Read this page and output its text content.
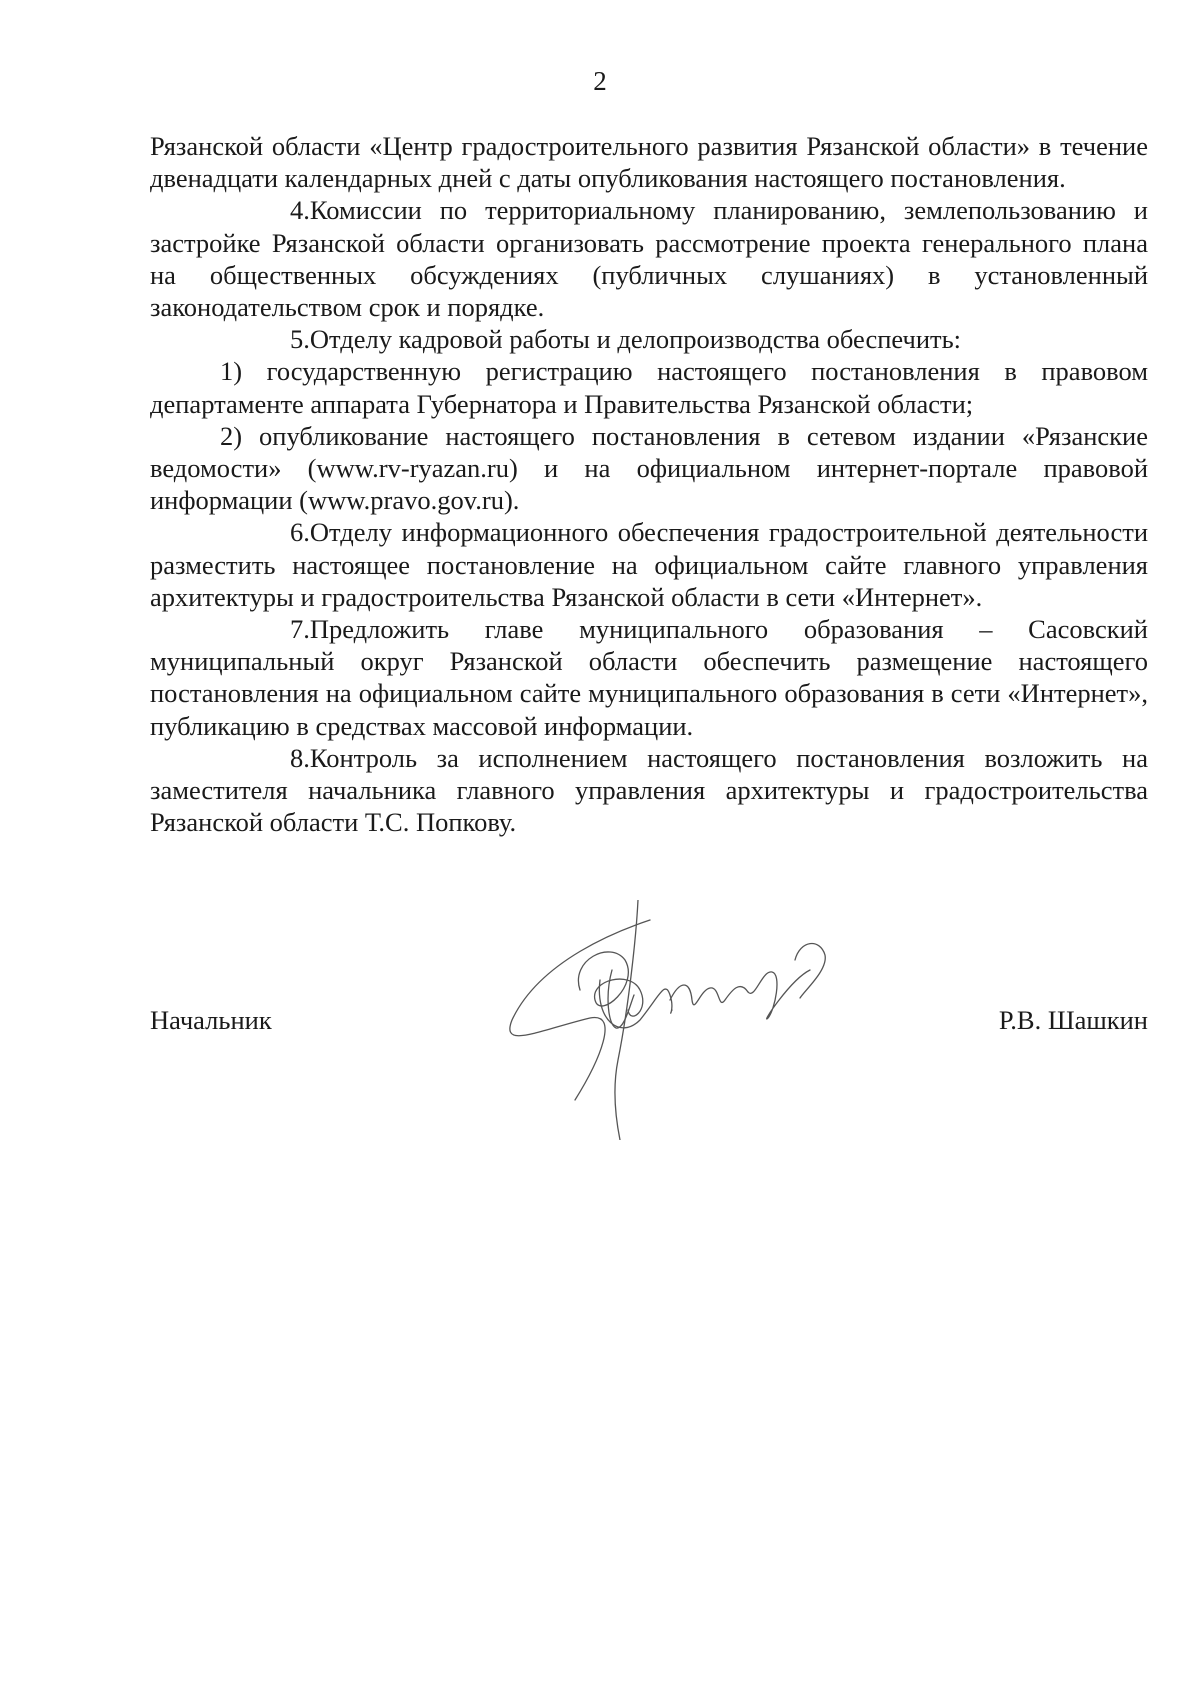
2

Рязанской области «Центр градостроительного развития Рязанской области» в течение двенадцати календарных дней с даты опубликования настоящего постановления.

4.Комиссии по территориальному планированию, землепользованию и застройке Рязанской области организовать рассмотрение проекта генерального плана на общественных обсуждениях (публичных слушаниях) в установленный законодательством срок и порядке.

5.Отделу кадровой работы и делопроизводства обеспечить:

1) государственную регистрацию настоящего постановления в правовом департаменте аппарата Губернатора и Правительства Рязанской области;

2) опубликование настоящего постановления в сетевом издании «Рязанские ведомости» (www.rv-ryazan.ru) и на официальном интернет-портале правовой информации (www.pravo.gov.ru).

6.Отделу информационного обеспечения градостроительной деятельности разместить настоящее постановление на официальном сайте главного управления архитектуры и градостроительства Рязанской области в сети «Интернет».

7.Предложить главе муниципального образования – Сасовский муниципальный округ Рязанской области обеспечить размещение настоящего постановления на официальном сайте муниципального образования в сети «Интернет», публикацию в средствах массовой информации.

8.Контроль за исполнением настоящего постановления возложить на заместителя начальника главного управления архитектуры и градостроительства Рязанской области Т.С. Попкову.

Начальник	Р.В. Шашкин
